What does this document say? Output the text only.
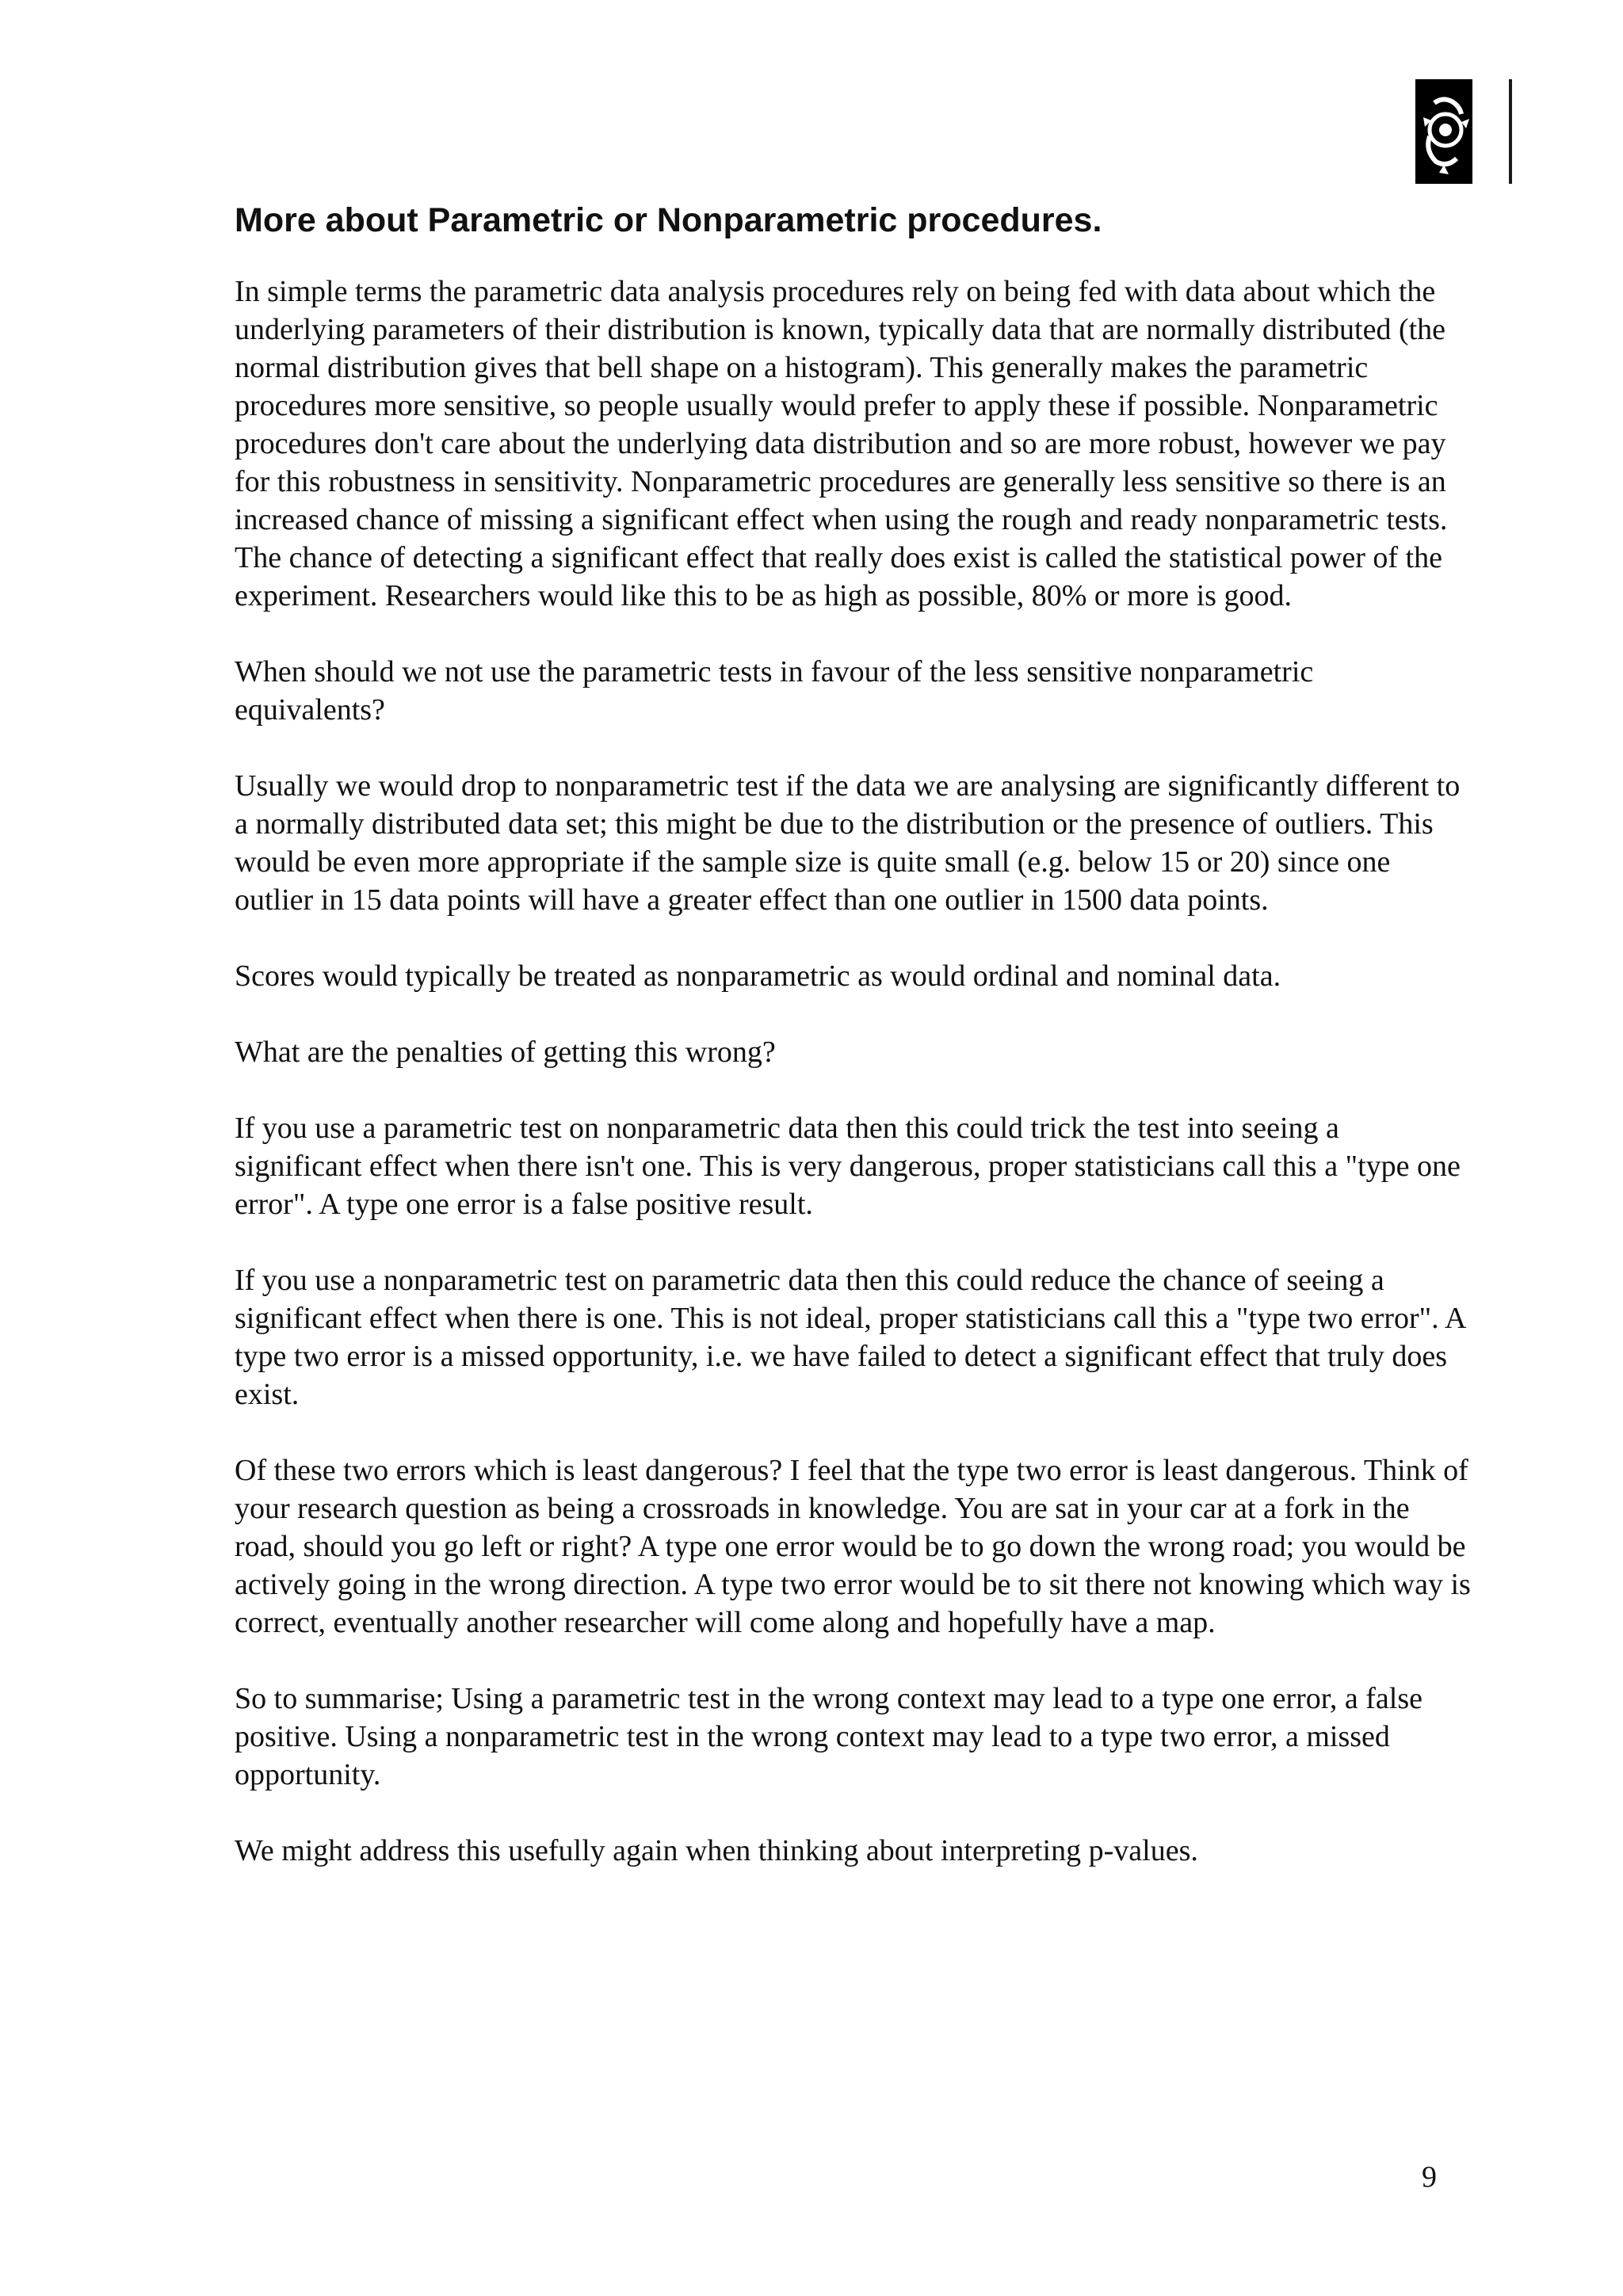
More about Parametric or Nonparametric procedures.

In simple terms the parametric data analysis procedures rely on being fed with data about which the underlying parameters of their distribution is known, typically data that are normally distributed (the normal distribution gives that bell shape on a histogram). This generally makes the parametric procedures more sensitive, so people usually would prefer to apply these if possible. Nonparametric procedures don't care about the underlying data distribution and so are more robust, however we pay for this robustness in sensitivity. Nonparametric procedures are generally less sensitive so there is an increased chance of missing a significant effect when using the rough and ready nonparametric tests. The chance of detecting a significant effect that really does exist is called the statistical power of the experiment. Researchers would like this to be as high as possible, 80% or more is good.

When should we not use the parametric tests in favour of the less sensitive nonparametric equivalents?

Usually we would drop to nonparametric test if the data we are analysing are significantly different to a normally distributed data set; this might be due to the distribution or the presence of outliers. This would be even more appropriate if the sample size is quite small (e.g. below 15 or 20) since one outlier in 15 data points will have a greater effect than one outlier in 1500 data points.

Scores would typically be treated as nonparametric as would ordinal and nominal data.

What are the penalties of getting this wrong?

If you use a parametric test on nonparametric data then this could trick the test into seeing a significant effect when there isn't one. This is very dangerous, proper statisticians call this a "type one error". A type one error is a false positive result.

If you use a nonparametric test on parametric data then this could reduce the chance of seeing a significant effect when there is one. This is not ideal, proper statisticians call this a "type two error". A type two error is a missed opportunity, i.e. we have failed to detect a significant effect that truly does exist.

Of these two errors which is least dangerous? I feel that the type two error is least dangerous. Think of your research question as being a crossroads in knowledge. You are sat in your car at a fork in the road, should you go left or right? A type one error would be to go down the wrong road; you would be actively going in the wrong direction. A type two error would be to sit there not knowing which way is correct, eventually another researcher will come along and hopefully have a map.

So to summarise; Using a parametric test in the wrong context may lead to a type one error, a false positive. Using a nonparametric test in the wrong context may lead to a type two error, a missed opportunity.

We might address this usefully again when thinking about interpreting p-values.

9
